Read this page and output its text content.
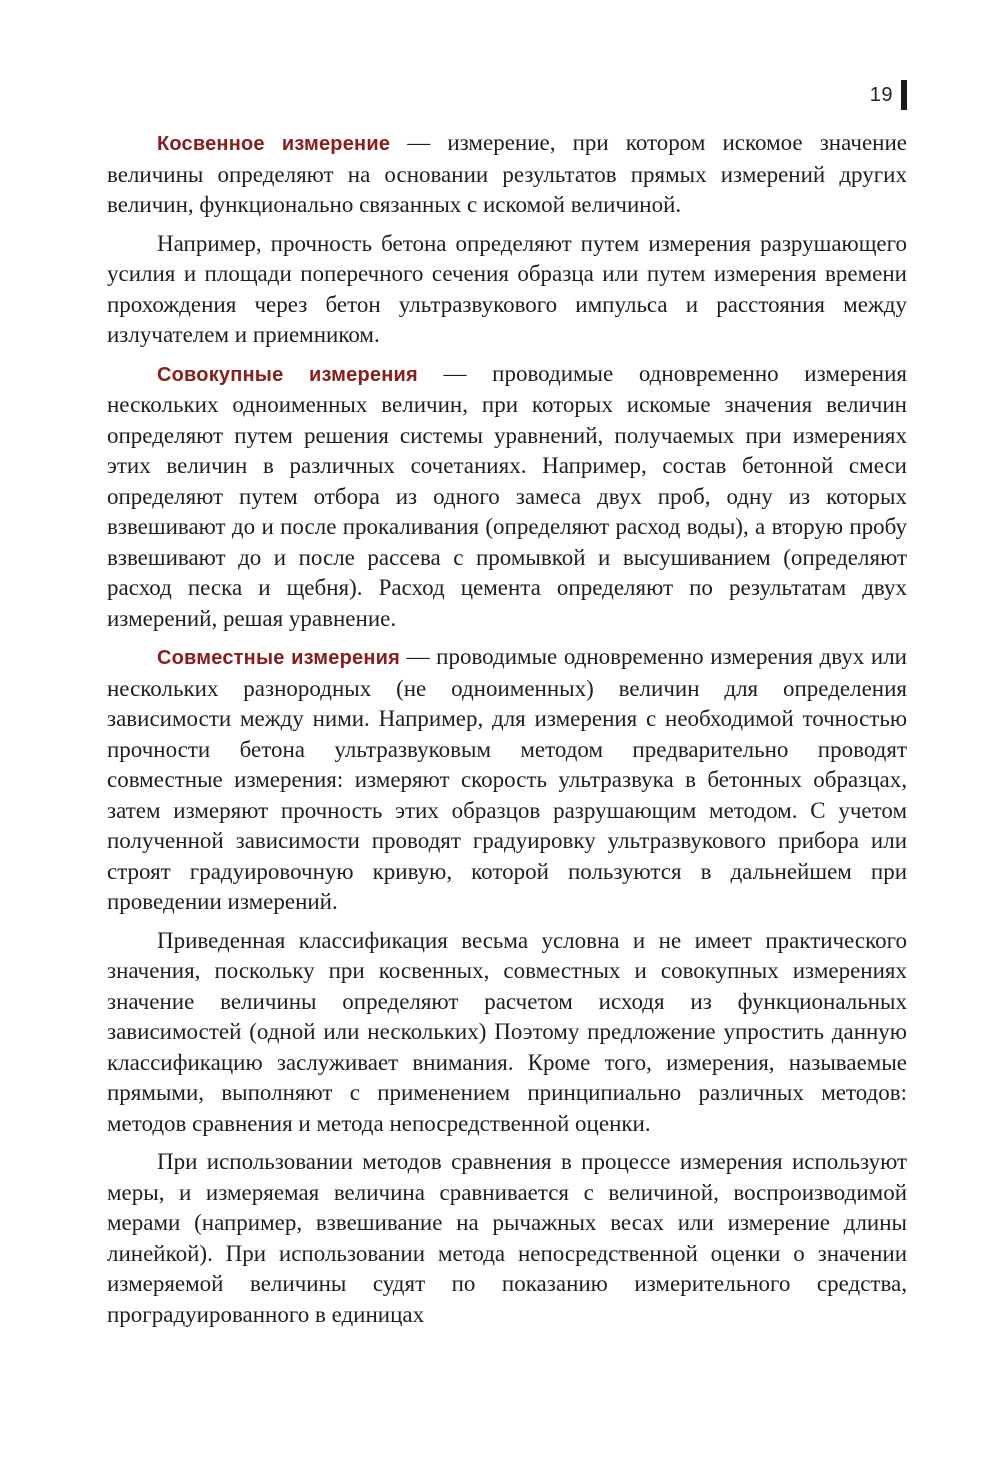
19

Косвенное измерение — измерение, при котором искомое значение величины определяют на основании результатов прямых измерений других величин, функционально связанных с искомой величиной.

Например, прочность бетона определяют путем измерения разрушающего усилия и площади поперечного сечения образца или путем измерения времени прохождения через бетон ультразвукового импульса и расстояния между излучателем и приемником.

Совокупные измерения — проводимые одновременно измерения нескольких одноименных величин, при которых искомые значения величин определяют путем решения системы уравнений, получаемых при измерениях этих величин в различных сочетаниях. Например, состав бетонной смеси определяют путем отбора из одного замеса двух проб, одну из которых взвешивают до и после прокаливания (определяют расход воды), а вторую пробу взвешивают до и после рассева с промывкой и высушиванием (определяют расход песка и щебня). Расход цемента определяют по результатам двух измерений, решая уравнение.

Совместные измерения — проводимые одновременно измерения двух или нескольких разнородных (не одноименных) величин для определения зависимости между ними. Например, для измерения с необходимой точностью прочности бетона ультразвуковым методом предварительно проводят совместные измерения: измеряют скорость ультразвука в бетонных образцах, затем измеряют прочность этих образцов разрушающим методом. С учетом полученной зависимости проводят градуировку ультразвукового прибора или строят градуировочную кривую, которой пользуются в дальнейшем при проведении измерений.

Приведенная классификация весьма условна и не имеет практического значения, поскольку при косвенных, совместных и совокупных измерениях значение величины определяют расчетом исходя из функциональных зависимостей (одной или нескольких) Поэтому предложение упростить данную классификацию заслуживает внимания. Кроме того, измерения, называемые прямыми, выполняют с применением принципиально различных методов: методов сравнения и метода непосредственной оценки.

При использовании методов сравнения в процессе измерения используют меры, и измеряемая величина сравнивается с величиной, воспроизводимой мерами (например, взвешивание на рычажных весах или измерение длины линейкой). При использовании метода непосредственной оценки о значении измеряемой величины судят по показанию измерительного средства, проградуированного в единицах
